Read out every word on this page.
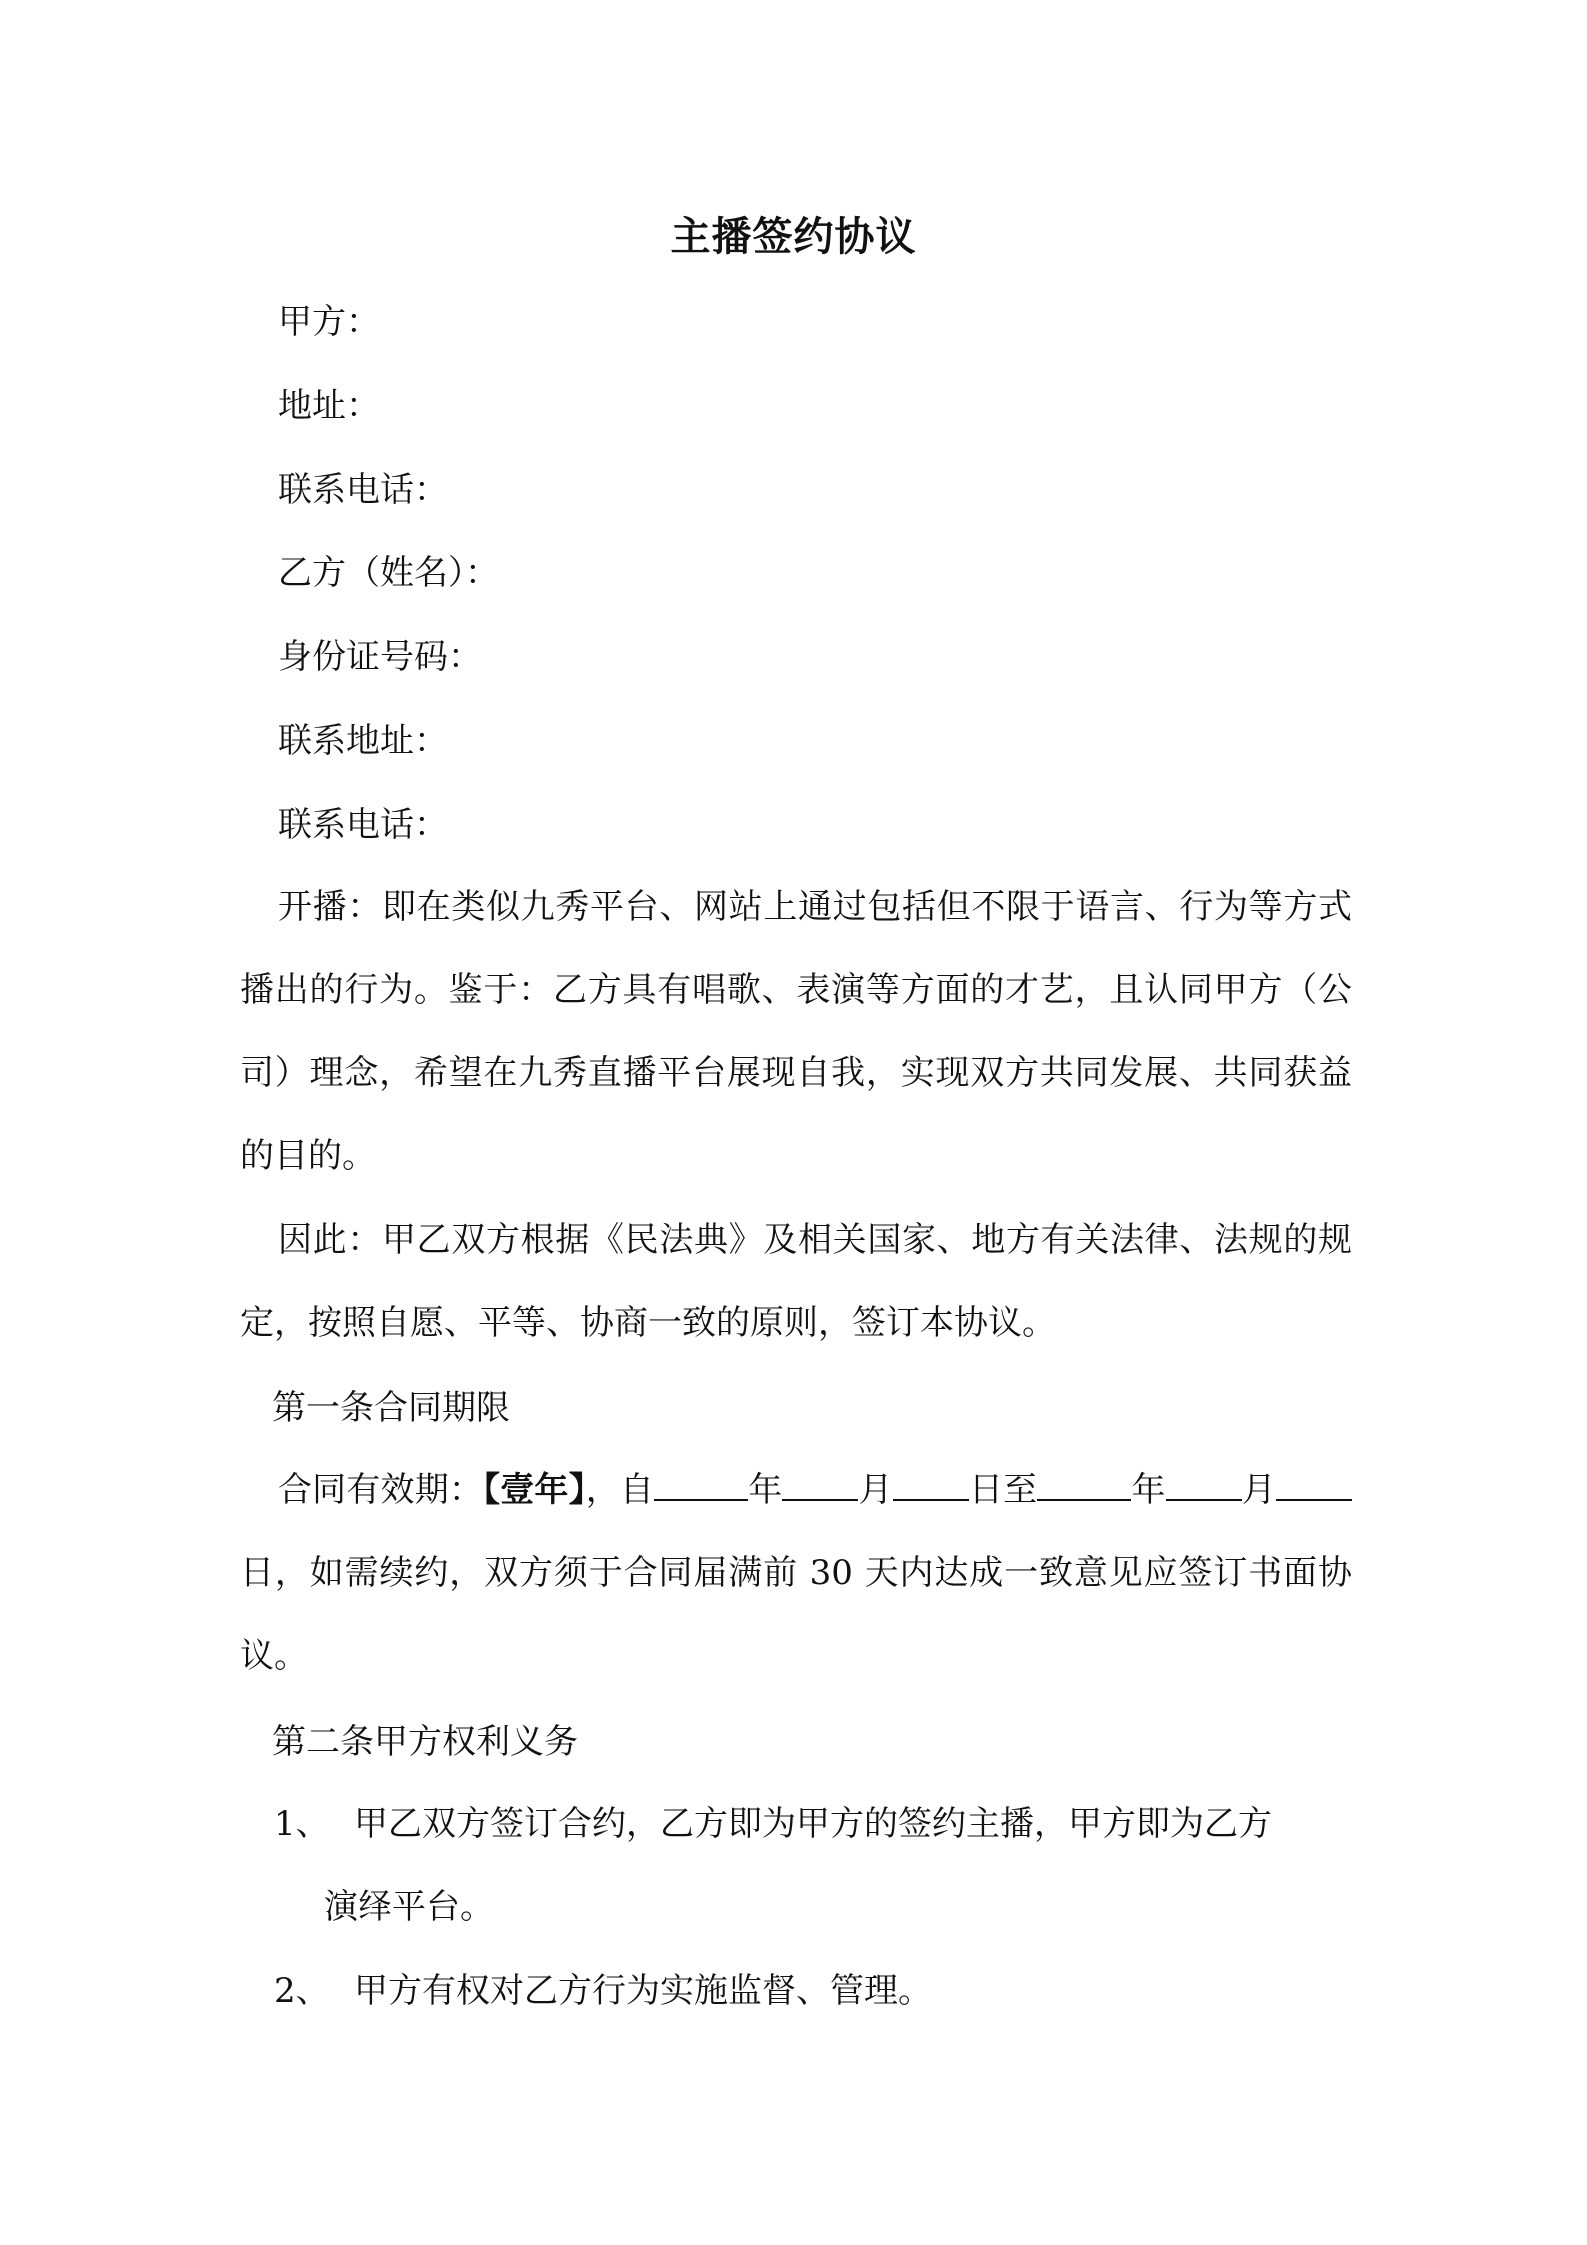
主播签约协议
甲方：
地址：
联系电话：
乙方（姓名）：
身份证号码：
联系地址：
联系电话：
开播：即在类似九秀平台、网站上通过包括但不限于语言、行为等方式播出的行为。鉴于：乙方具有唱歌、表演等方面的才艺，且认同甲方（公司）理念，希望在九秀直播平台展现自我，实现双方共同发展、共同获益的目的。
因此：甲乙双方根据《民法典》及相关国家、地方有关法律、法规的规定，按照自愿、平等、协商一致的原则，签订本协议。
第一条合同期限
合同有效期：【壹年】，自	年 月 日至	年 月日，如需续约，双方须于合同届满前 30 天内达成一致意见应签订书面协议。
第二条甲方权利义务
1、 甲乙双方签订合约，乙方即为甲方的签约主播，甲方即为乙方
演绎平台。
2、 甲方有权对乙方行为实施监督、管理。
